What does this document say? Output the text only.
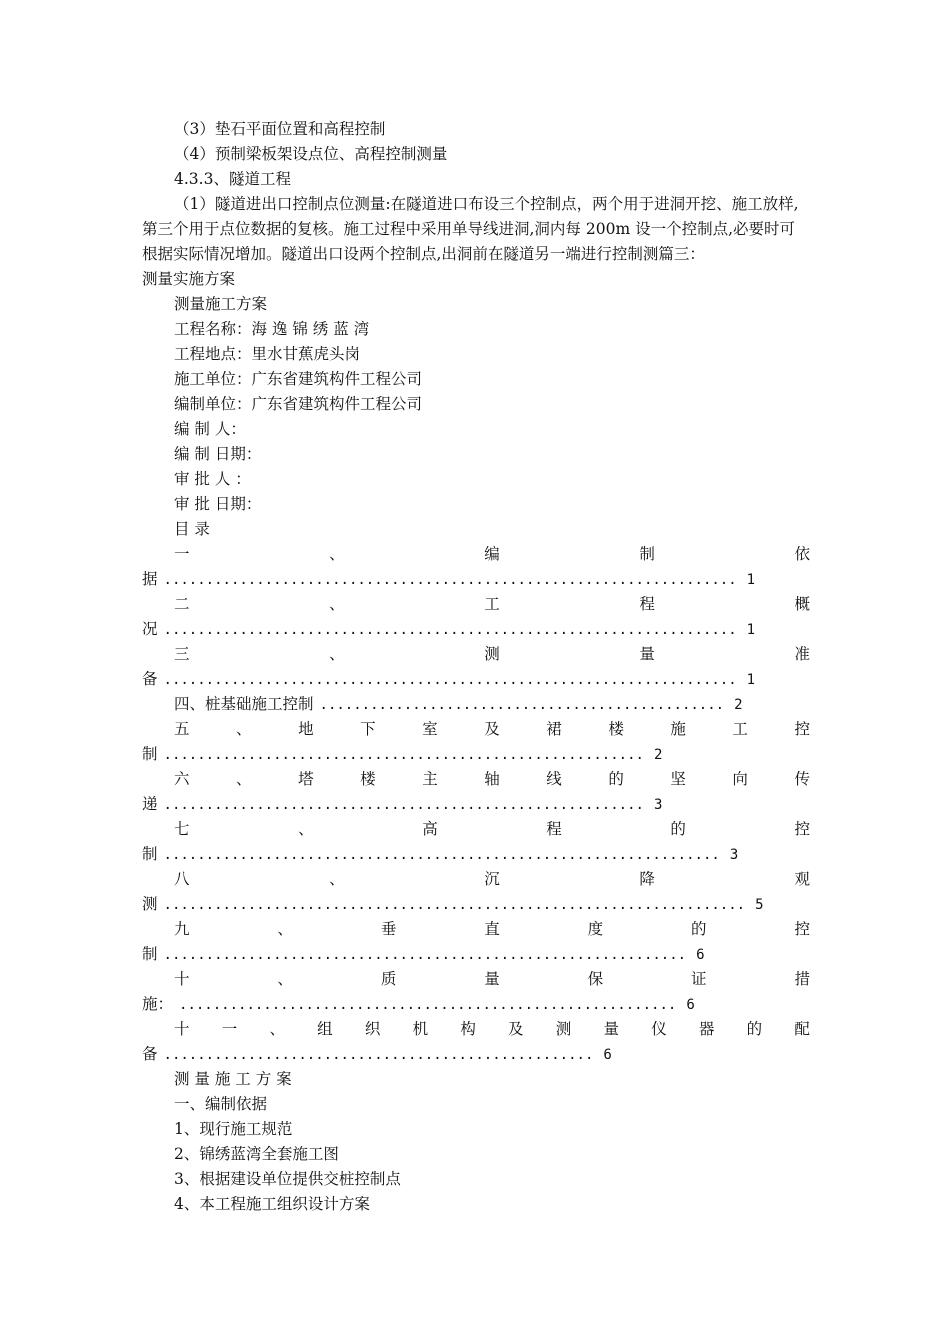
（3）垫石平面位置和高程控制
（4）预制梁板架设点位、高程控制测量
4.3.3、隧道工程
（1）隧道进出口控制点位测量:在隧道进口布设三个控制点，两个用于进洞开挖、施工放样,第三个用于点位数据的复核。施工过程中采用单导线进洞,洞内每 200m 设一个控制点,必要时可根据实际情况增加。隧道出口设两个控制点,出洞前在隧道另一端进行控制测篇三：
测量实施方案
测量施工方案
工程名称：海 逸 锦 绣 蓝 湾
工程地点：里水甘蕉虎头岗
施工单位：广东省建筑构件工程公司
编制单位：广东省建筑构件工程公司
编 制 人：
编 制 日期：
审 批 人 ：
审 批 日期：
目 录
一	、	编	制	依
据 .................................................................... 1
二	、	工	程	概
况 .................................................................... 1
三	、	测	量	准
备 .................................................................... 1
四、桩基础施工控制 ................................................ 2
五	、	地	下	室	及	裙	楼	施	工	控
制 ......................................................... 2
六	、	塔	楼	主	轴	线	的	坚	向	传
递 ......................................................... 3
七	、	高	程	的	控
制 .................................................................. 3
八	、	沉	降	观
测 ..................................................................... 5
九	、	垂	直	度	的	控
制 .............................................................. 6
十	、	质	量	保	证	措
施： ........................................................... 6
十 一 、 组 织 机 构 及 测 量 仪 器 的 配
备 ................................................... 6
测 量 施 工 方 案
一、编制依据
1、现行施工规范
2、锦绣蓝湾全套施工图
3、根据建设单位提供交桩控制点
4、本工程施工组织设计方案
